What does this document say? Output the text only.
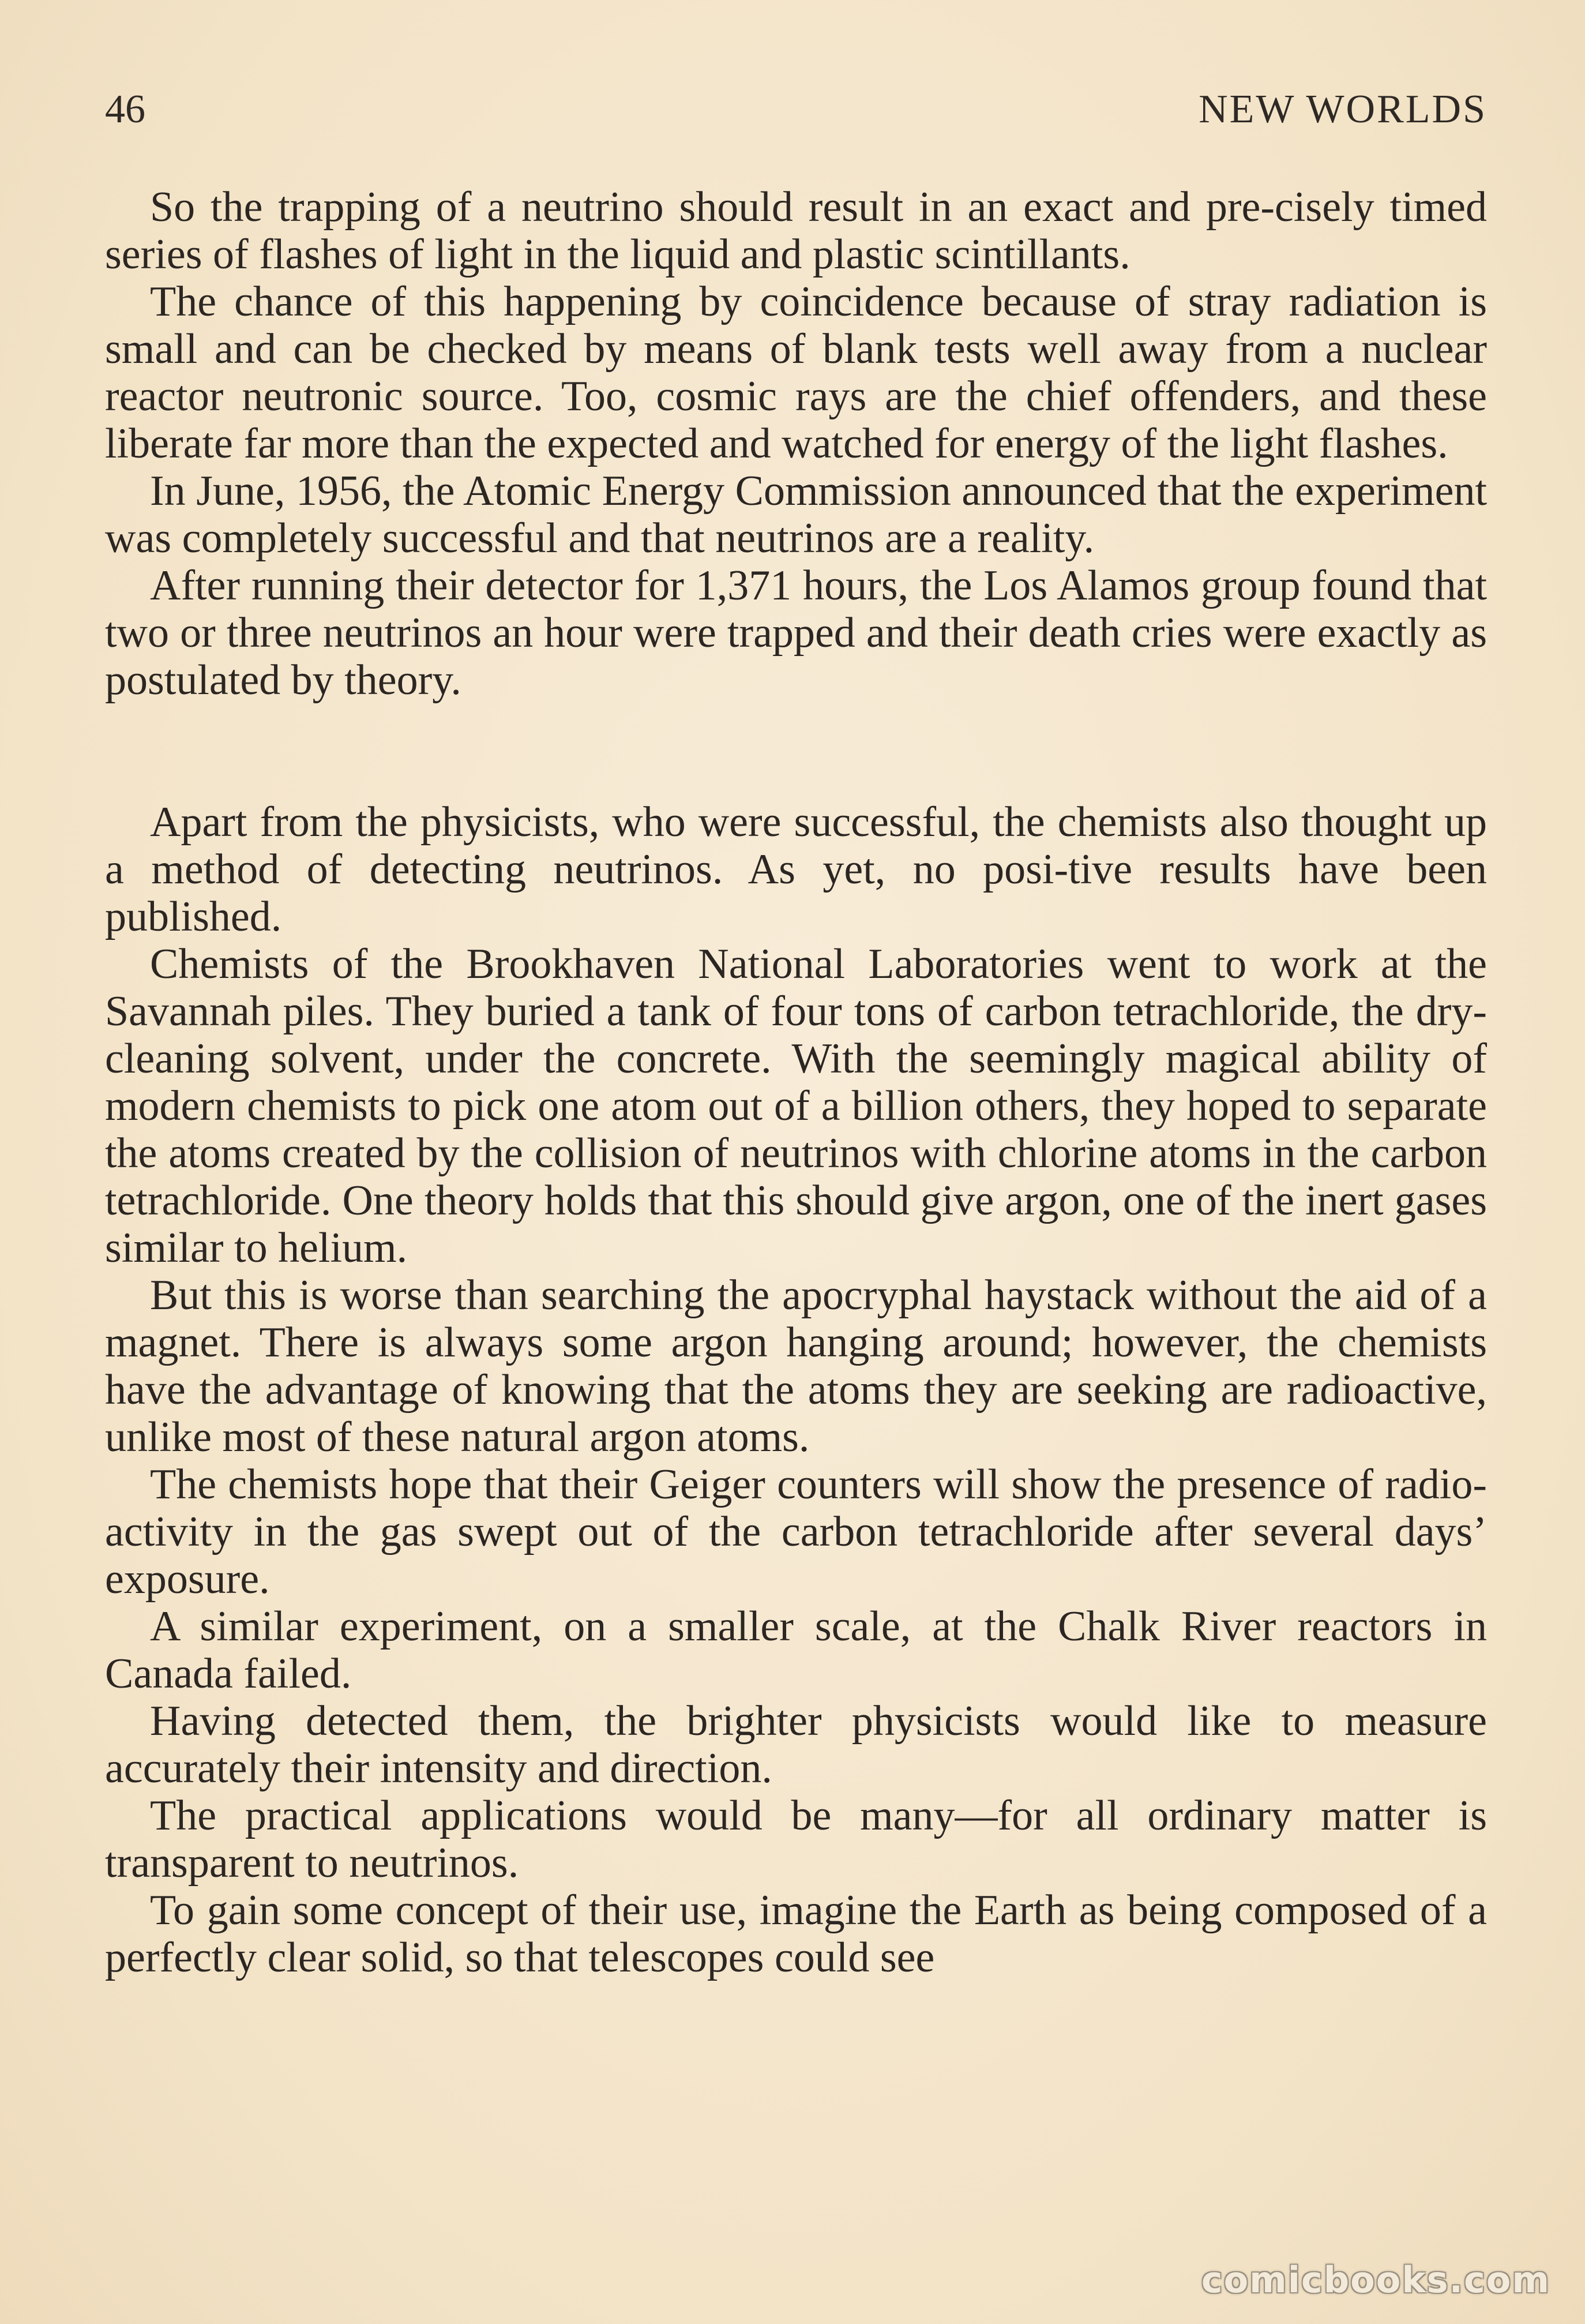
46	NEW WORLDS

So the trapping of a neutrino should result in an exact and pre-cisely timed series of flashes of light in the liquid and plastic scintillants.

The chance of this happening by coincidence because of stray radiation is small and can be checked by means of blank tests well away from a nuclear reactor neutronic source. Too, cosmic rays are the chief offenders, and these liberate far more than the expected and watched for energy of the light flashes.

In June, 1956, the Atomic Energy Commission announced that the experiment was completely successful and that neutrinos are a reality.

After running their detector for 1,371 hours, the Los Alamos group found that two or three neutrinos an hour were trapped and their death cries were exactly as postulated by theory.

Apart from the physicists, who were successful, the chemists also thought up a method of detecting neutrinos. As yet, no posi-tive results have been published.

Chemists of the Brookhaven National Laboratories went to work at the Savannah piles. They buried a tank of four tons of carbon tetrachloride, the dry-cleaning solvent, under the concrete. With the seemingly magical ability of modern chemists to pick one atom out of a billion others, they hoped to separate the atoms created by the collision of neutrinos with chlorine atoms in the carbon tetrachloride. One theory holds that this should give argon, one of the inert gases similar to helium.

But this is worse than searching the apocryphal haystack without the aid of a magnet. There is always some argon hanging around; however, the chemists have the advantage of knowing that the atoms they are seeking are radioactive, unlike most of these natural argon atoms.

The chemists hope that their Geiger counters will show the presence of radio-activity in the gas swept out of the carbon tetrachloride after several days’ exposure.

A similar experiment, on a smaller scale, at the Chalk River reactors in Canada failed.

Having detected them, the brighter physicists would like to measure accurately their intensity and direction.

The practical applications would be many—for all ordinary matter is transparent to neutrinos.

To gain some concept of their use, imagine the Earth as being composed of a perfectly clear solid, so that telescopes could see

comicbooks.com
